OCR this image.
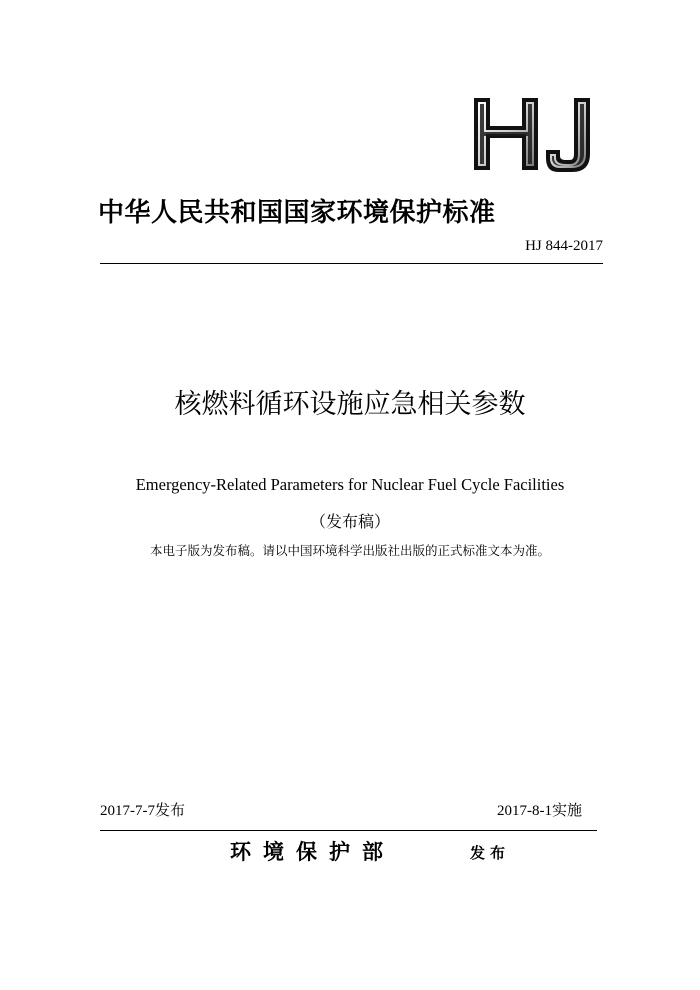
中华人民共和国国家环境保护标准
HJ 844-2017
核燃料循环设施应急相关参数
Emergency-Related Parameters for Nuclear Fuel Cycle Facilities
（发布稿）
本电子版为发布稿。请以中国环境科学出版社出版的正式标准文本为准。
2017-7-7发布	2017-8-1实施
环境保护部	发布
